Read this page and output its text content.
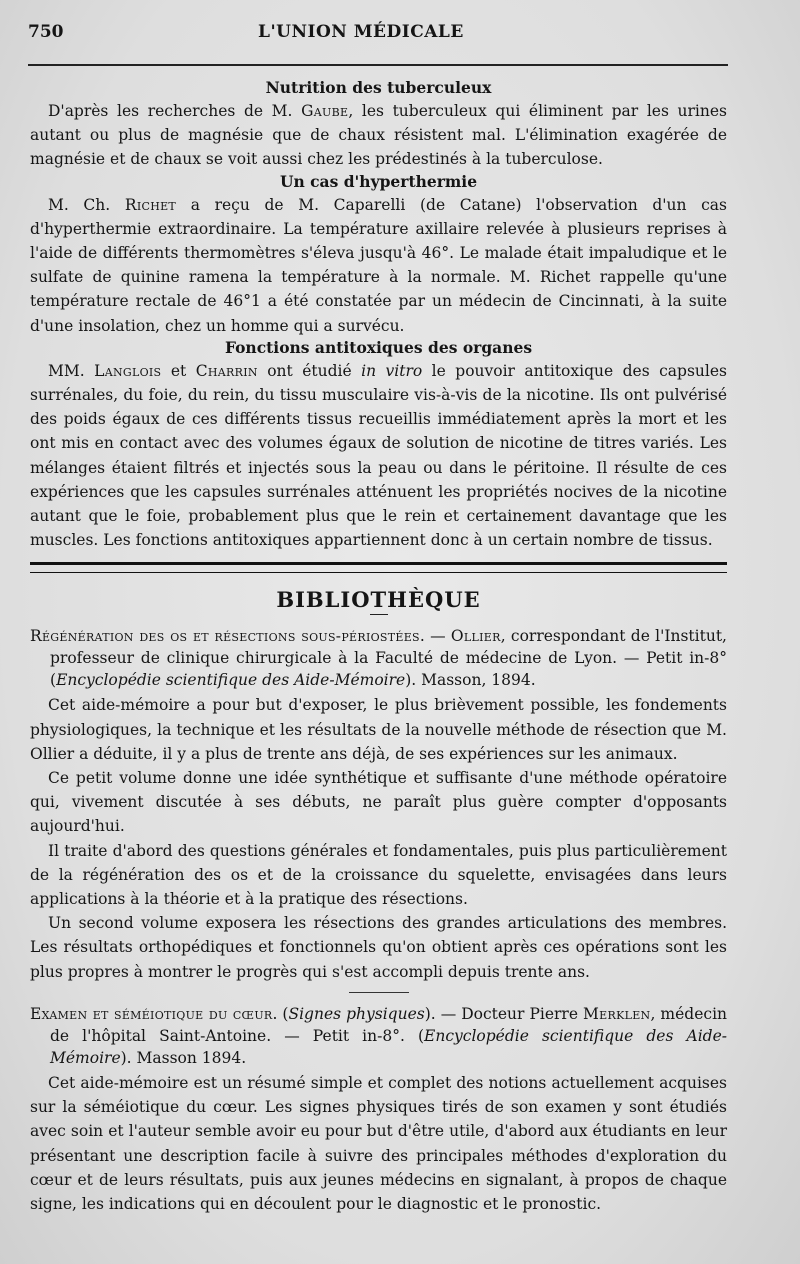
750	L'UNION MÉDICALE
Nutrition des tuberculeux

D'après les recherches de M. Gaube, les tuberculeux qui éliminent par les urines autant ou plus de magnésie que de chaux résistent mal. L'élimination exagérée de magnésie et de chaux se voit aussi chez les prédestinés à la tuberculose.

Un cas d'hyperthermie

M. Ch. Richet a reçu de M. Caparelli (de Catane) l'observation d'un cas d'hyperthermie extraordinaire. La température axillaire relevée à plusieurs reprises à l'aide de différents thermomètres s'éleva jusqu'à 46°. Le malade était impaludique et le sulfate de quinine ramena la température à la normale. M. Richet rappelle qu'une température rectale de 46°1 a été constatée par un médecin de Cincinnati, à la suite d'une insolation, chez un homme qui a survécu.

Fonctions antitoxiques des organes

MM. Langlois et Charrin ont étudié in vitro le pouvoir antitoxique des capsules surrénales, du foie, du rein, du tissu musculaire vis-à-vis de la nicotine. Ils ont pulvérisé des poids égaux de ces différents tissus recueillis immédiatement après la mort et les ont mis en contact avec des volumes égaux de solution de nicotine de titres variés. Les mélanges étaient filtrés et injectés sous la peau ou dans le péritoine. Il résulte de ces expériences que les capsules surrénales atténuent les propriétés nocives de la nicotine autant que le foie, probablement plus que le rein et certainement davantage que les muscles. Les fonctions antitoxiques appartiennent donc à un certain nombre de tissus.

BIBLIOTHÈQUE
Régénération des os et résections sous-périostées. — Ollier, correspondant de l'Institut, professeur de clinique chirurgicale à la Faculté de médecine de Lyon. — Petit in-8° (Encyclopédie scientifique des Aide-Mémoire). Masson, 1894.

Cet aide-mémoire a pour but d'exposer, le plus brièvement possible, les fondements physiologiques, la technique et les résultats de la nouvelle méthode de résection que M. Ollier a déduite, il y a plus de trente ans déjà, de ses expériences sur les animaux.

Ce petit volume donne une idée synthétique et suffisante d'une méthode opératoire qui, vivement discutée à ses débuts, ne paraît plus guère compter d'opposants aujourd'hui.

Il traite d'abord des questions générales et fondamentales, puis plus particulièrement de la régénération des os et de la croissance du squelette, envisagées dans leurs applications à la théorie et à la pratique des résections.

Un second volume exposera les résections des grandes articulations des membres. Les résultats orthopédiques et fonctionnels qu'on obtient après ces opérations sont les plus propres à montrer le progrès qui s'est accompli depuis trente ans.

Examen et séméiotique du cœur. (Signes physiques). — Docteur Pierre Merklen, médecin de l'hôpital Saint-Antoine. — Petit in-8°. (Encyclopédie scientifique des Aide-Mémoire). Masson 1894.

Cet aide-mémoire est un résumé simple et complet des notions actuellement acquises sur la séméiotique du cœur. Les signes physiques tirés de son examen y sont étudiés avec soin et l'auteur semble avoir eu pour but d'être utile, d'abord aux étudiants en leur présentant une description facile à suivre des principales méthodes d'exploration du cœur et de leurs résultats, puis aux jeunes médecins en signalant, à propos de chaque signe, les indications qui en découlent pour le diagnostic et le pronostic.
